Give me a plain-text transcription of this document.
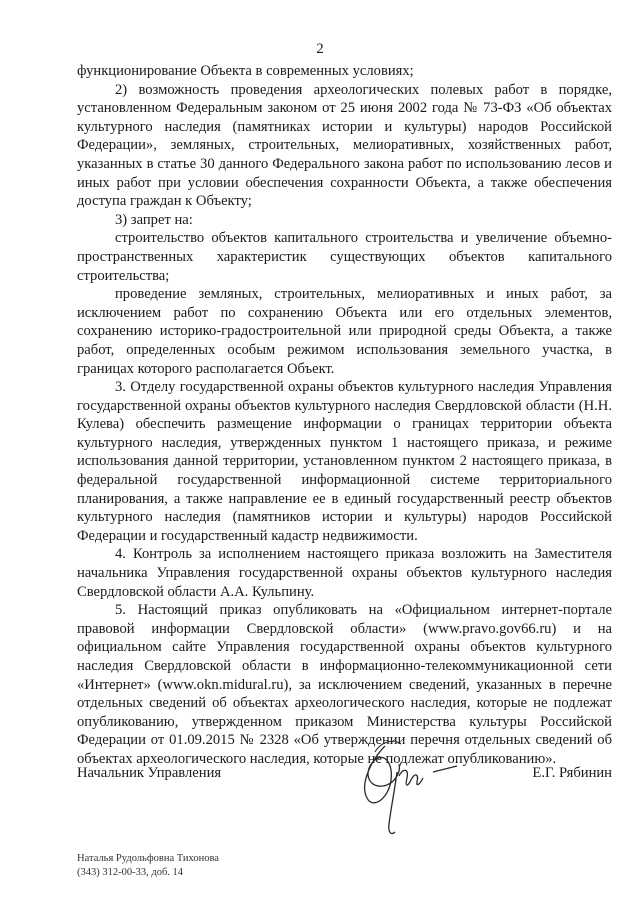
2

функционирование Объекта в современных условиях;

2) возможность проведения археологических полевых работ в порядке, установленном Федеральным законом от 25 июня 2002 года № 73-ФЗ «Об объектах культурного наследия (памятниках истории и культуры) народов Российской Федерации», земляных, строительных, мелиоративных, хозяйственных работ, указанных в статье 30 данного Федерального закона работ по использованию лесов и иных работ при условии обеспечения сохранности Объекта, а также обеспечения доступа граждан к Объекту;

3) запрет на:

строительство объектов капитального строительства и увеличение объемно-пространственных характеристик существующих объектов капитального строительства;

проведение земляных, строительных, мелиоративных и иных работ, за исключением работ по сохранению Объекта или его отдельных элементов, сохранению историко-градостроительной или природной среды Объекта, а также работ, определенных особым режимом использования земельного участка, в границах которого располагается Объект.

3. Отделу государственной охраны объектов культурного наследия Управления государственной охраны объектов культурного наследия Свердловской области (Н.Н. Кулева) обеспечить размещение информации о границах территории объекта культурного наследия, утвержденных пунктом 1 настоящего приказа, и режиме использования данной территории, установленном пунктом 2 настоящего приказа, в федеральной государственной информационной системе территориального планирования, а также направление ее в единый государственный реестр объектов культурного наследия (памятников истории и культуры) народов Российской Федерации и государственный кадастр недвижимости.

4. Контроль за исполнением настоящего приказа возложить на Заместителя начальника Управления государственной охраны объектов культурного наследия Свердловской области А.А. Кульпину.

5. Настоящий приказ опубликовать на «Официальном интернет-портале правовой информации Свердловской области» (www.pravo.gov66.ru) и на официальном сайте Управления государственной охраны объектов культурного наследия Свердловской области в информационно-телекоммуникационной сети «Интернет» (www.okn.midural.ru), за исключением сведений, указанных в перечне отдельных сведений об объектах археологического наследия, которые не подлежат опубликованию, утвержденном приказом Министерства культуры Российской Федерации от 01.09.2015 № 2328 «Об утверждении перечня отдельных сведений об объектах археологического наследия, которые не подлежат опубликованию».

Начальник Управления	Е.Г. Рябинин
Наталья Рудольфовна Тихонова
(343) 312-00-33, доб. 14
